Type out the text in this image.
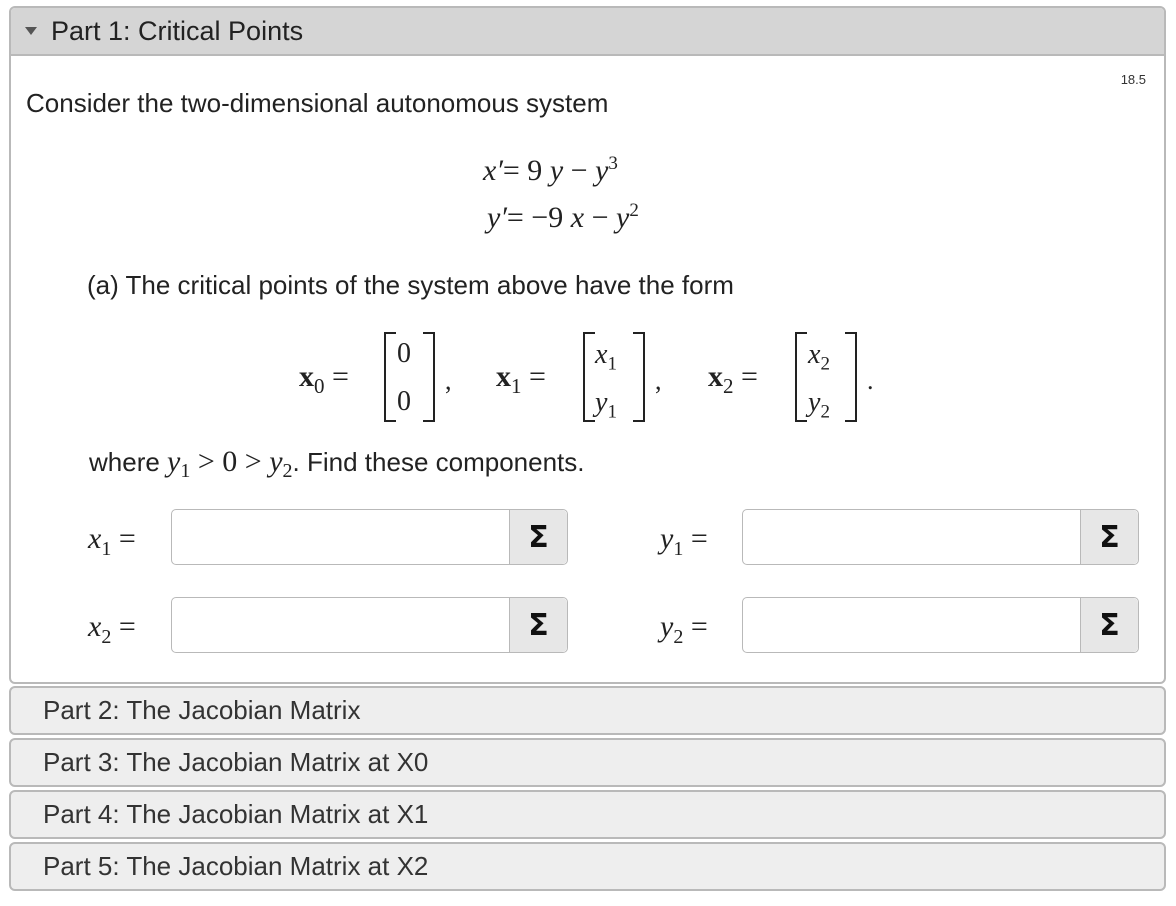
Part 1: Critical Points
18.5
Consider the two-dimensional autonomous system
x′= 9 $y - y^3$
y′= −9 $x - y^2$
(a) The critical points of the system above have the form
$x_0$ =
0
0
, $x_1$ =
$x_1$
$y_1$
, $x_2$ =
$x_2$
$y_2$
.
where $y_1 > 0 > y_2$. Find these components.
$x_1$ =	Σ	$y_1$ =	Σ
$x_2$ =	Σ	$y_2$ =	Σ
Part 2: The Jacobian Matrix
Part 3: The Jacobian Matrix at X0
Part 4: The Jacobian Matrix at X1
Part 5: The Jacobian Matrix at X2
